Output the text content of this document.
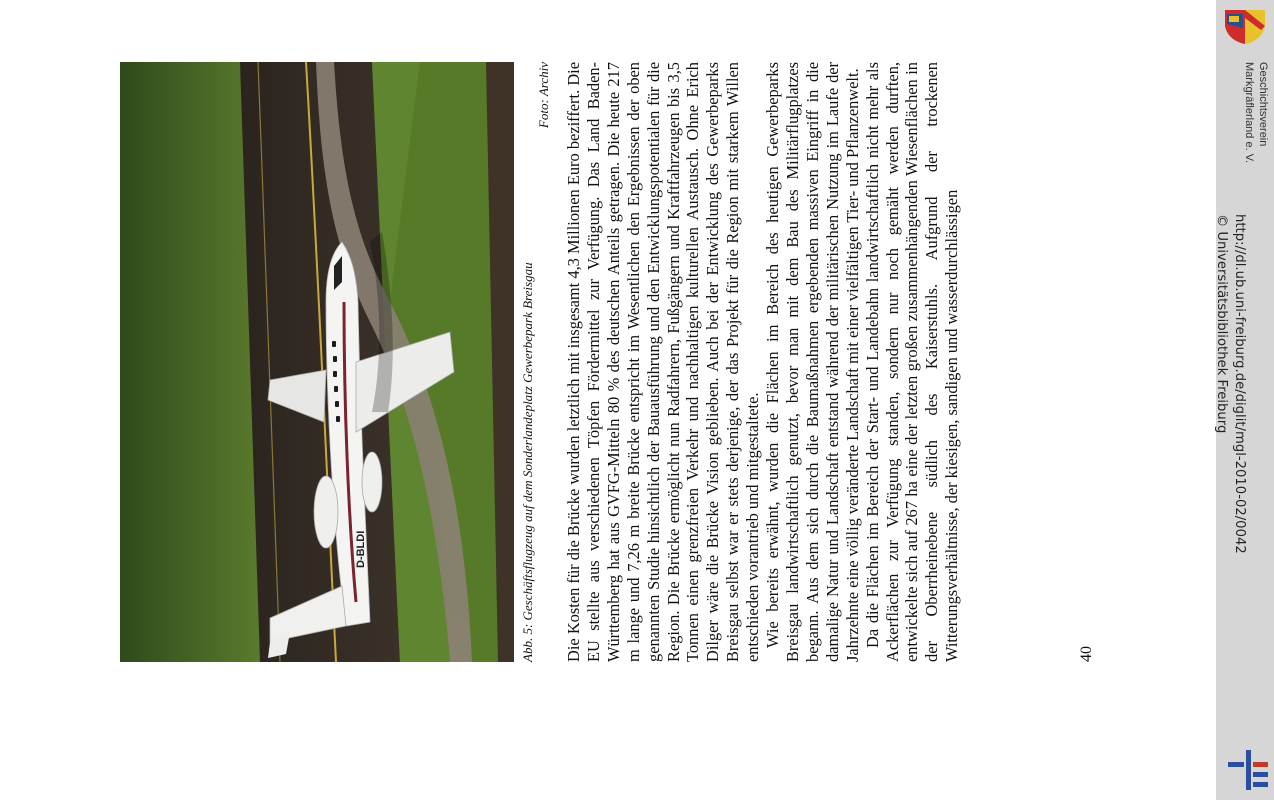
D-BLDI	Abb. 5: Geschäftsflugzeug auf dem Sonderlandeplatz Gewerbepark Breisgau
Foto: Archiv Die Kosten für die Brücke wurden letztlich mit insgesamt 4,3 Millionen Euro beziffert. Die EU stellte aus verschiedenen Töpfen Fördermittel zur Verfügung. Das Land Baden-Württemberg hat aus GVFG-Mitteln 80 % des deutschen Anteils getragen. Die heute 217 m lange und 7,26 m breite Brücke entspricht im Wesentlichen den Ergebnissen der oben genannten Studie hinsichtlich der Bauausführung und den Entwicklungspotentialen für die Region. Die Brücke ermöglicht nun Radfahrern, Fußgängern und Kraftfahrzeugen bis 3,5 Tonnen einen grenzfreien Verkehr und nachhaltigen kulturellen Austausch. Ohne Erich Dilger wäre die Brücke Vision geblieben. Auch bei der Entwicklung des Gewerbeparks Breisgau selbst war er stets derjenige, der das Projekt für die Region mit starkem Willen entschieden vorantrieb und mitgestaltete. Wie bereits erwähnt, wurden die Flächen im Bereich des heutigen Gewerbeparks Breisgau landwirtschaftlich genutzt, bevor man mit dem Bau des Militärflugplatzes begann. Aus dem sich durch die Baumaßnahmen ergebenden massiven Eingriff in die damalige Natur und Landschaft entstand während der militärischen Nutzung im Laufe der Jahrzehnte eine völlig veränderte Landschaft mit einer vielfältigen Tier- und Pflanzenwelt. Da die Flächen im Bereich der Start- und Landebahn landwirtschaftlich nicht mehr als Ackerflächen zur Verfügung standen, sondern nur noch gemäht werden durften, entwickelte sich auf 267 ha eine der letzten großen zusammenhängenden Wiesenflächen in der Oberrheinebene südlich des Kaiserstuhls. Aufgrund der trockenen Witterungsverhältnisse, der kiesigen, sandigen und wasserdurchlässigen	40
Geschichtsverein
Markgräflerland e. V.
http://dl.ub.uni-freiburg.de/diglit/mgl-2010-02/0042
© Universitätsbibliothek Freiburg
